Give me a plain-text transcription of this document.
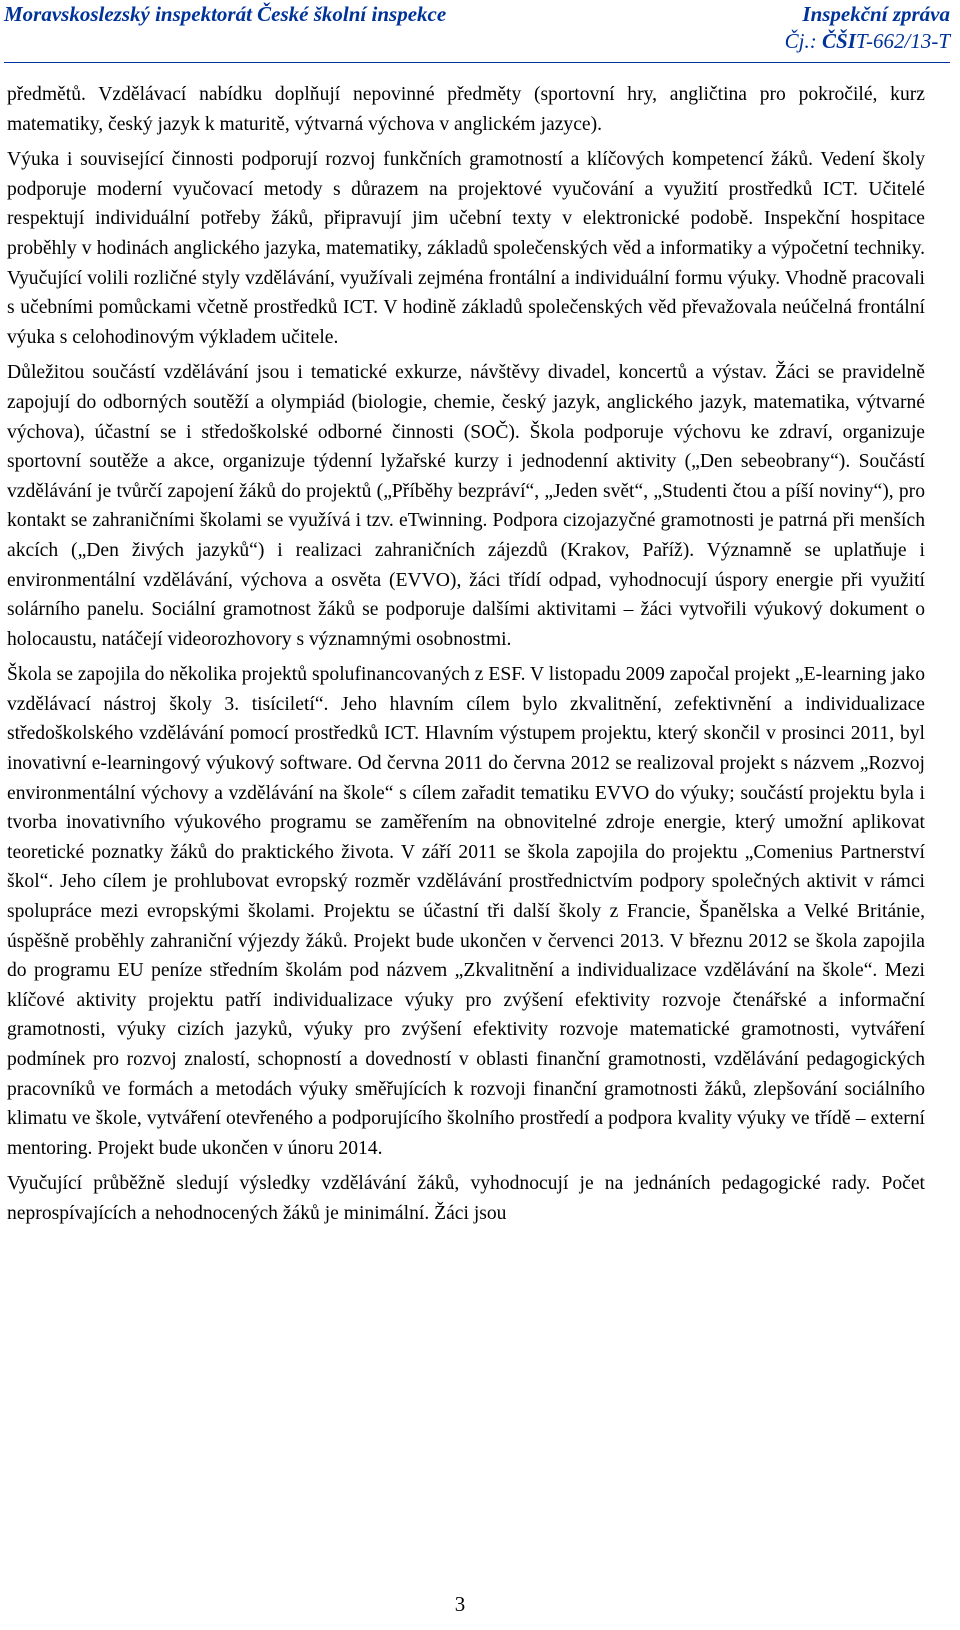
Moravskoslezský inspektorát České školní inspekce	Inspekční zpráva
Čj.: ČŠIT-662/13-T

předmětů. Vzdělávací nabídku doplňují nepovinné předměty (sportovní hry, angličtina pro pokročilé, kurz matematiky, český jazyk k maturitě, výtvarná výchova v anglickém jazyce).

Výuka i související činnosti podporují rozvoj funkčních gramotností a klíčových kompetencí žáků. Vedení školy podporuje moderní vyučovací metody s důrazem na projektové vyučování a využití prostředků ICT. Učitelé respektují individuální potřeby žáků, připravují jim učební texty v elektronické podobě. Inspekční hospitace proběhly v hodinách anglického jazyka, matematiky, základů společenských věd a informatiky a výpočetní techniky. Vyučující volili rozličné styly vzdělávání, využívali zejména frontální a individuální formu výuky. Vhodně pracovali s učebními pomůckami včetně prostředků ICT. V hodině základů společenských věd převažovala neúčelná frontální výuka s celohodinovým výkladem učitele.

Důležitou součástí vzdělávání jsou i tematické exkurze, návštěvy divadel, koncertů a výstav. Žáci se pravidelně zapojují do odborných soutěží a olympiád (biologie, chemie, český jazyk, anglického jazyk, matematika, výtvarné výchova), účastní se i středoškolské odborné činnosti (SOČ). Škola podporuje výchovu ke zdraví, organizuje sportovní soutěže a akce, organizuje týdenní lyžařské kurzy i jednodenní aktivity („Den sebeobrany“). Součástí vzdělávání je tvůrčí zapojení žáků do projektů („Příběhy bezpráví“, „Jeden svět“, „Studenti čtou a píší noviny“), pro kontakt se zahraničními školami se využívá i tzv. eTwinning. Podpora cizojazyčné gramotnosti je patrná při menších akcích („Den živých jazyků“) i realizaci zahraničních zájezdů (Krakov, Paříž). Významně se uplatňuje i environmentální vzdělávání, výchova a osvěta (EVVO), žáci třídí odpad, vyhodnocují úspory energie při využití solárního panelu. Sociální gramotnost žáků se podporuje dalšími aktivitami – žáci vytvořili výukový dokument o holocaustu, natáčejí videorozhovory s významnými osobnostmi.

Škola se zapojila do několika projektů spolufinancovaných z ESF. V listopadu 2009 započal projekt „E-learning jako vzdělávací nástroj školy 3. tisíciletí“. Jeho hlavním cílem bylo zkvalitnění, zefektivnění a individualizace středoškolského vzdělávání pomocí prostředků ICT. Hlavním výstupem projektu, který skončil v prosinci 2011, byl inovativní e-learningový výukový software. Od června 2011 do června 2012 se realizoval projekt s názvem „Rozvoj environmentální výchovy a vzdělávání na škole“ s cílem zařadit tematiku EVVO do výuky; součástí projektu byla i tvorba inovativního výukového programu se zaměřením na obnovitelné zdroje energie, který umožní aplikovat teoretické poznatky žáků do praktického života. V září 2011 se škola zapojila do projektu „Comenius Partnerství škol“. Jeho cílem je prohlubovat evropský rozměr vzdělávání prostřednictvím podpory společných aktivit v rámci spolupráce mezi evropskými školami. Projektu se účastní tři další školy z Francie, Španělska a Velké Británie, úspěšně proběhly zahraniční výjezdy žáků. Projekt bude ukončen v červenci 2013. V březnu 2012 se škola zapojila do programu EU peníze středním školám pod názvem „Zkvalitnění a individualizace vzdělávání na škole“. Mezi klíčové aktivity projektu patří individualizace výuky pro zvýšení efektivity rozvoje čtenářské a informační gramotnosti, výuky cizích jazyků, výuky pro zvýšení efektivity rozvoje matematické gramotnosti, vytváření podmínek pro rozvoj znalostí, schopností a dovedností v oblasti finanční gramotnosti, vzdělávání pedagogických pracovníků ve formách a metodách výuky směřujících k rozvoji finanční gramotnosti žáků, zlepšování sociálního klimatu ve škole, vytváření otevřeného a podporujícího školního prostředí a podpora kvality výuky ve třídě – externí mentoring. Projekt bude ukončen v únoru 2014.

Vyučující průběžně sledují výsledky vzdělávání žáků, vyhodnocují je na jednáních pedagogické rady. Počet neprospívajících a nehodnocených žáků je minimální. Žáci jsou

3
